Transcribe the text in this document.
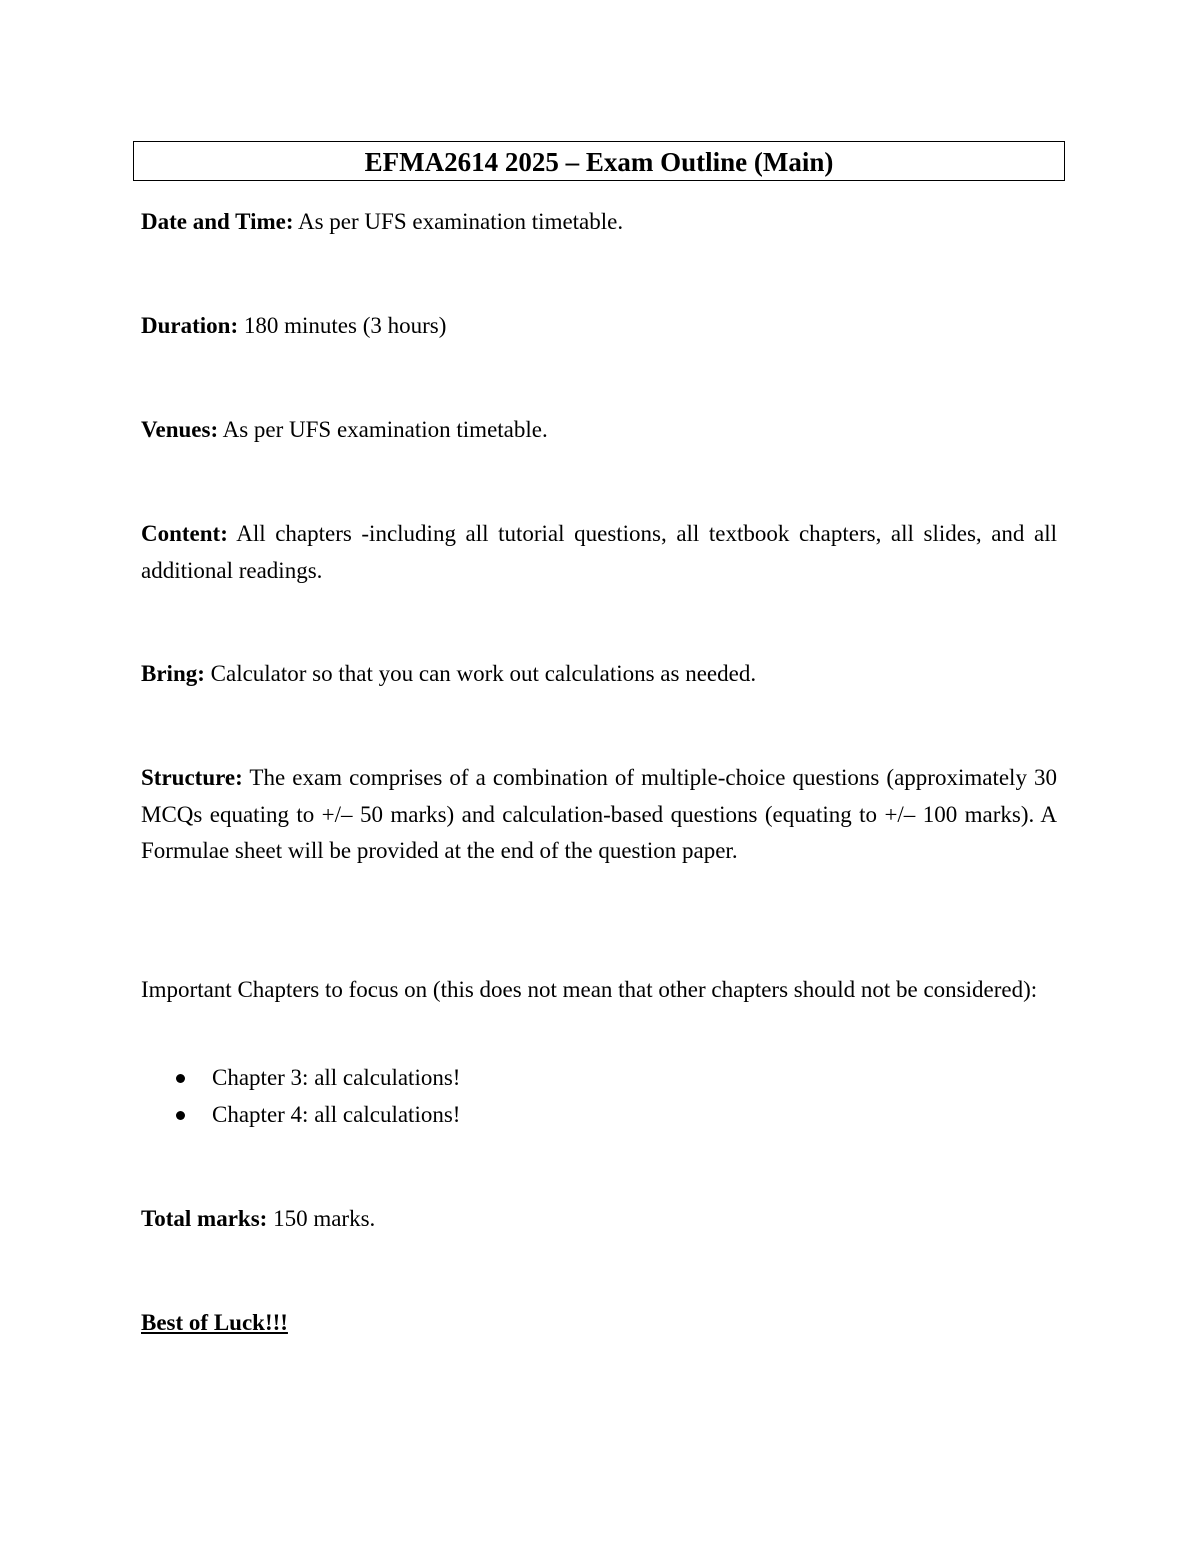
EFMA2614 2025 – Exam Outline (Main)

Date and Time: As per UFS examination timetable.

Duration: 180 minutes (3 hours)

Venues: As per UFS examination timetable.

Content: All chapters -including all tutorial questions, all textbook chapters, all slides, and all additional readings.

Bring: Calculator so that you can work out calculations as needed.

Structure: The exam comprises of a combination of multiple-choice questions (approximately 30 MCQs equating to +/– 50 marks) and calculation-based questions (equating to +/– 100 marks). A Formulae sheet will be provided at the end of the question paper.

Important Chapters to focus on (this does not mean that other chapters should not be considered):

Chapter 3: all calculations!
Chapter 4: all calculations!

Total marks: 150 marks.

Best of Luck!!!
